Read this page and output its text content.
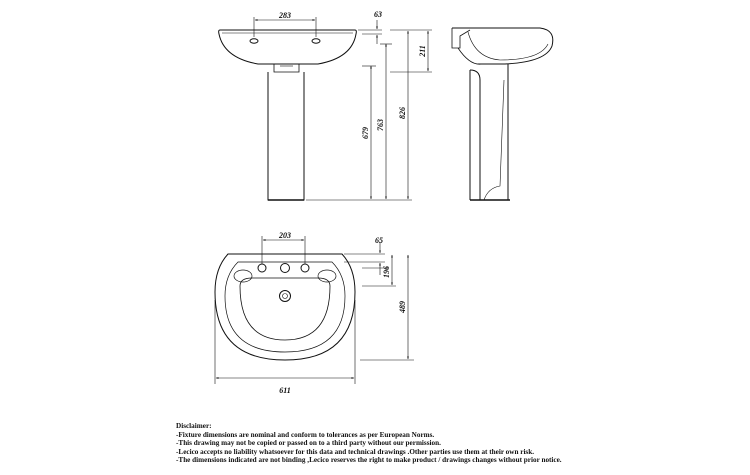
283	63
211
679
763
826
203
65
196
489
611
Disclaimer:
-Fixture dimensions are nominal and conform to tolerances as per European Norms.
-This drawing may not be copied or passed on to a third party without our permission.
-Lecico accepts no liability whatsoever for this data and technical drawings .Other parties use them at their own risk.
-The dimensions indicated are not binding ,Lecico reserves the right to make product / drawings changes without prior notice.
